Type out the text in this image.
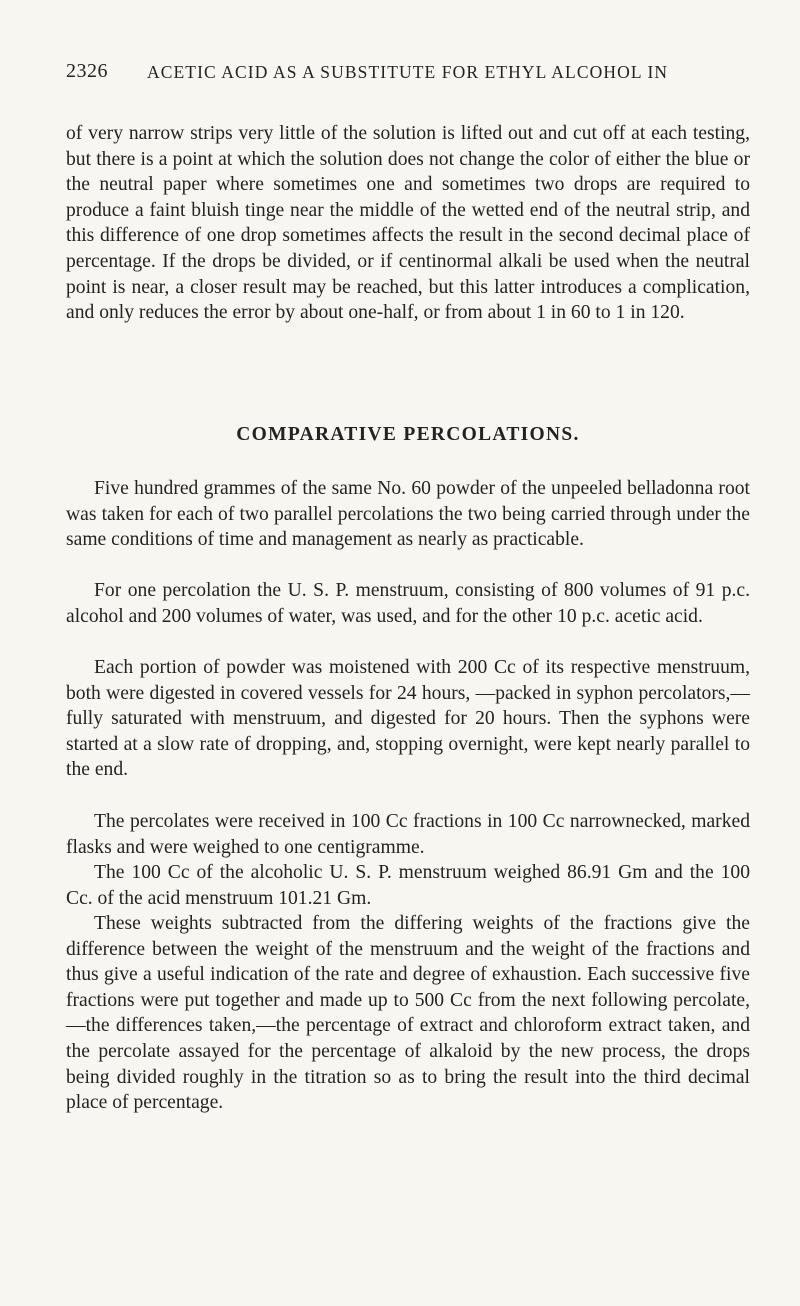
2326 ACETIC ACID AS A SUBSTITUTE FOR ETHYL ALCOHOL IN

of very narrow strips very little of the solution is lifted out and cut off at each testing, but there is a point at which the solution does not change the color of either the blue or the neutral paper where sometimes one and sometimes two drops are required to produce a faint bluish tinge near the middle of the wetted end of the neutral strip, and this difference of one drop sometimes affects the result in the second decimal place of percentage. If the drops be divided, or if centinormal alkali be used when the neutral point is near, a closer result may be reached, but this latter introduces a complication, and only reduces the error by about one-half, or from about 1 in 60 to 1 in 120.

COMPARATIVE PERCOLATIONS.

Five hundred grammes of the same No. 60 powder of the unpeeled belladonna root was taken for each of two parallel percolations the two being carried through under the same conditions of time and management as nearly as practicable.

For one percolation the U. S. P. menstruum, consisting of 800 volumes of 91 p.c. alcohol and 200 volumes of water, was used, and for the other 10 p.c. acetic acid.

Each portion of powder was moistened with 200 Cc of its respective menstruum, both were digested in covered vessels for 24 hours, —packed in syphon percolators,—fully saturated with menstruum, and digested for 20 hours. Then the syphons were started at a slow rate of dropping, and, stopping overnight, were kept nearly parallel to the end.

The percolates were received in 100 Cc fractions in 100 Cc narrownecked, marked flasks and were weighed to one centigramme.

The 100 Cc of the alcoholic U. S. P. menstruum weighed 86.91 Gm and the 100 Cc. of the acid menstruum 101.21 Gm.

These weights subtracted from the differing weights of the fractions give the difference between the weight of the menstruum and the weight of the fractions and thus give a useful indication of the rate and degree of exhaustion. Each successive five fractions were put together and made up to 500 Cc from the next following percolate,—the differences taken,—the percentage of extract and chloroform extract taken, and the percolate assayed for the percentage of alkaloid by the new process, the drops being divided roughly in the titration so as to bring the result into the third decimal place of percentage.
